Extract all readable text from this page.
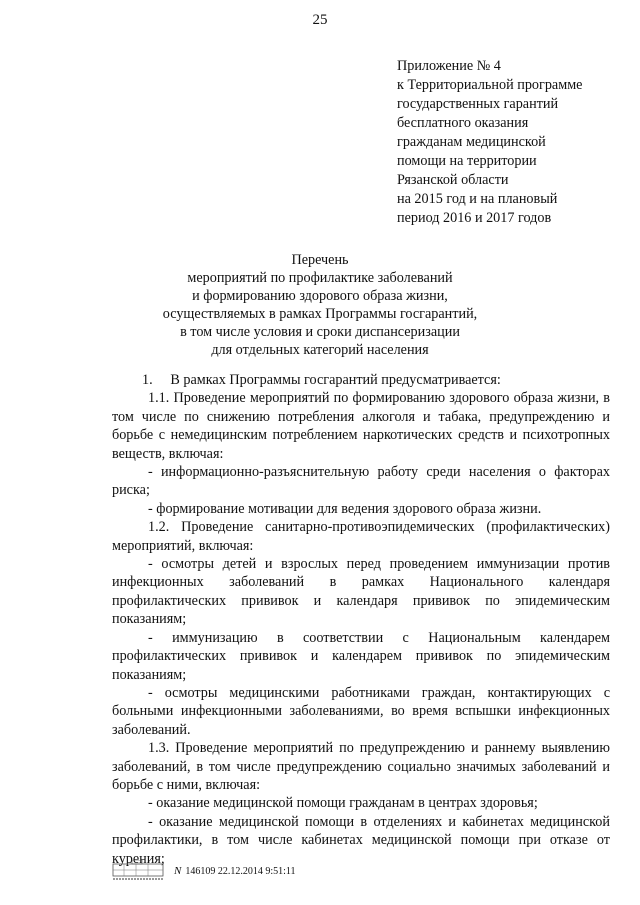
25
Приложение № 4
к Территориальной программе
государственных гарантий
бесплатного оказания
гражданам медицинской
помощи на территории
Рязанской области
на 2015 год и на плановый
период 2016 и 2017 годов
Перечень
мероприятий по профилактике заболеваний
и формированию здорового образа жизни,
осуществляемых в рамках Программы госгарантий,
в том числе условия и сроки диспансеризации
для отдельных категорий населения
1.  В рамках Программы госгарантий предусматривается:
1.1. Проведение мероприятий по формированию здорового образа жизни, в том числе по снижению потребления алкоголя и табака, предупреждению и борьбе с немедицинским потреблением наркотических средств и психотропных веществ, включая:
- информационно-разъяснительную работу среди населения о факторах риска;
- формирование мотивации для ведения здорового образа жизни.
1.2. Проведение санитарно-противоэпидемических (профилактических) мероприятий, включая:
- осмотры детей и взрослых перед проведением иммунизации против инфекционных заболеваний в рамках Национального календаря профилактических прививок и календаря прививок по эпидемическим показаниям;
- иммунизацию в соответствии с Национальным календарем профилактических прививок и календарем прививок по эпидемическим показаниям;
- осмотры медицинскими работниками граждан, контактирующих с больными инфекционными заболеваниями, во время вспышки инфекционных заболеваний.
1.3. Проведение мероприятий по предупреждению и раннему выявлению заболеваний, в том числе предупреждению социально значимых заболеваний и борьбе с ними, включая:
- оказание медицинской помощи гражданам в центрах здоровья;
- оказание медицинской помощи в отделениях и кабинетах медицинской профилактики, в том числе кабинетах медицинской помощи при отказе от курения;
N 146109 22.12.2014 9:51:11
